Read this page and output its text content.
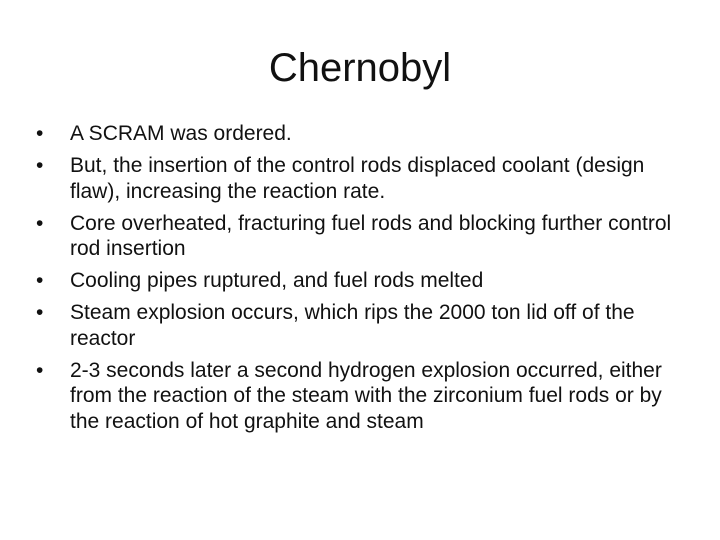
Chernobyl
•	A SCRAM was ordered.
•	But, the insertion of the control rods displaced coolant (design flaw), increasing the reaction rate.
•	Core overheated, fracturing fuel rods and blocking further control rod insertion
•	Cooling pipes ruptured, and fuel rods melted
•	Steam explosion occurs, which rips the 2000 ton lid off of the reactor
•	2-3 seconds later a second hydrogen explosion occurred, either from the reaction of the steam with the zirconium fuel rods or by the reaction of hot graphite and steam
